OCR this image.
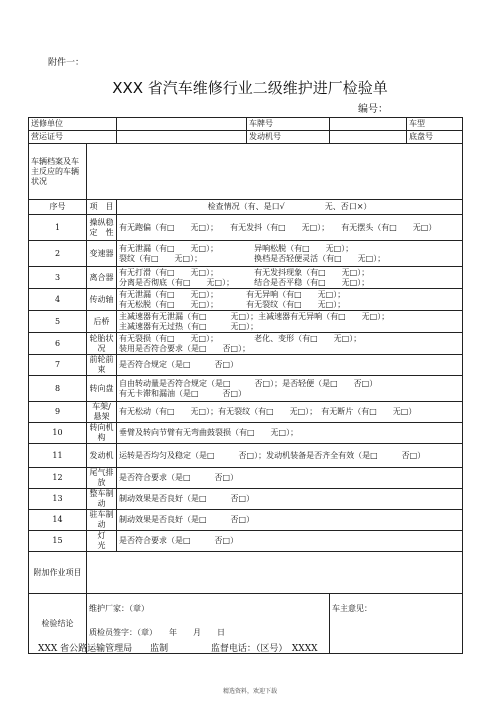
附件一：
XXX 省汽车维修行业二级维护进厂检验单
编号：
送修单位			车牌号		车型
营运证号			发动机号		底盘号
车辆档案及车主反应的车辆状况					
序号	项　目	检查情况（有、是口√　　　　　无、否口×）			
1	操纵稳定　性	有无跑偏（有□　　无□）；　　有无发抖（有□　　无□）；　　有无摆头（有□　　无□）			

2	变速器	有无泄漏（有□　　无□）；　　　　　异响松脱（有□　　无□）；
裂纹（有□　　无□）；　　　　　　　换档是否轻便灵活（有□　　无□）；			

3	离合器	有无打滑（有□　　无□）；　　　　　有无发抖现象（有□　　无□）；
分离是否彻底（有□　　无□）；　　　结合是否平稳（有□　　无□）；			

4	传动轴	有无泄漏（有□　　无□）；　　　　有无异响（有□　　无□）；
有无松脱（有□　　无□）；　　　　有无裂纹（有□　　无□）；			

5	后桥	主减速器有无泄漏（有□　　　无□）；主减速器有无异响（有□　　无□）；
主减速器有无过热（有□　　　无□）；			

6	轮胎状况	有无裂损（有□　　无□）；　　　　　老化、变形（有□　　无□）；
装用是否符合要求（是□　　否□）；			

7	前轮前束	是否符合规定（是□　　　否□）			

8	转向盘	自由转动量是否符合规定（是□　　　否□）；是否轻便（是□　　否□）
有无卡滞和漏油（是□　　　否□）			

9	车架/悬架	有无松动（有□　　无□）；有无裂纹（有□　　无□）；　有无断片（有□　　无□）			

10	转向机构	垂臂及转向节臂有无弯曲鼓裂损（有□　　无□）；			

11	发动机	运转是否均匀及稳定（是□　　　否□）；发动机装备是否齐全有效（是□　　　否□）			

12	尾气排放	是否符合要求（是□　　　否□）			

13	整车制动	制动效果是否良好（是□　　　否□）			

14	驻车制动	制动效果是否良好（是□　　　否□）			

15	灯　　光	是否符合要求（是□　　　否□）			

附加作业项目					
检验结论	维护厂家：（章）
质检员签字：（章）　　年　　月　　日			车主意见：	
XXX 省公路运输管理局　　监制	监督电话：（区号）　XXXX
精选资料，欢迎下载
